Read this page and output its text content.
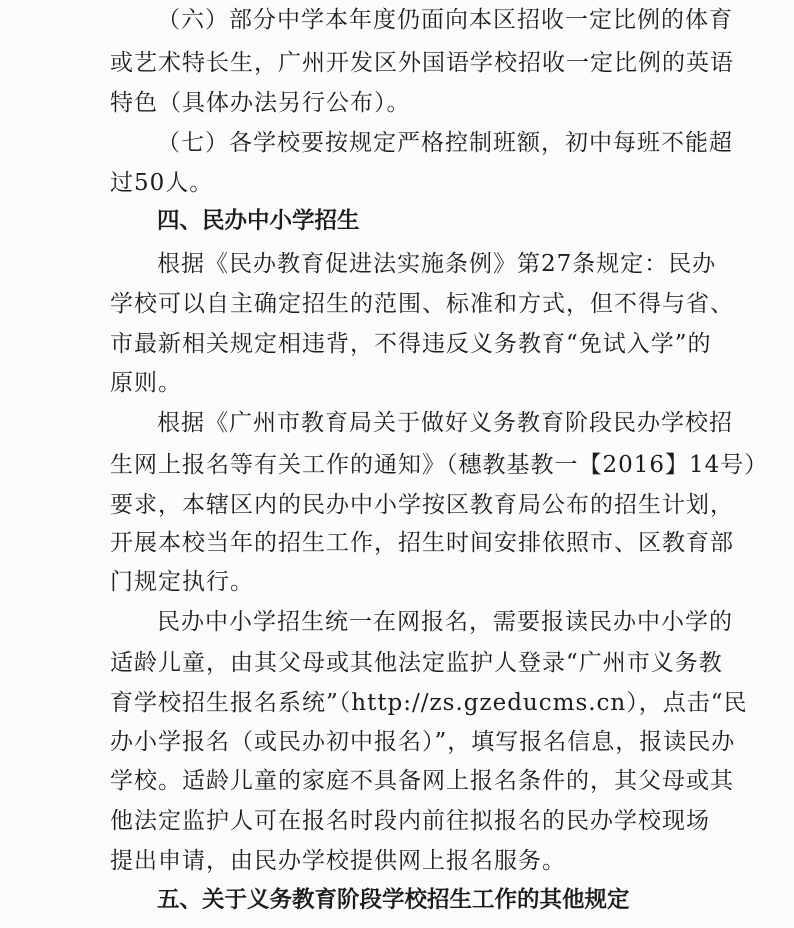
（六）部分中学本年度仍面向本区招收一定比例的体育
或艺术特长生，广州开发区外国语学校招收一定比例的英语
特色（具体办法另行公布）。
（七）各学校要按规定严格控制班额，初中每班不能超
过50人。
四、民办中小学招生
根据《民办教育促进法实施条例》第27条规定：民办
学校可以自主确定招生的范围、标准和方式，但不得与省、
市最新相关规定相违背，不得违反义务教育“免试入学”的
原则。
根据《广州市教育局关于做好义务教育阶段民办学校招
生网上报名等有关工作的通知》（穗教基教一【2016】14号）
要求，本辖区内的民办中小学按区教育局公布的招生计划，
开展本校当年的招生工作，招生时间安排依照市、区教育部
门规定执行。
民办中小学招生统一在网报名，需要报读民办中小学的
适龄儿童，由其父母或其他法定监护人登录“广州市义务教
育学校招生报名系统”（http://zs.gzeducms.cn），点击“民
办小学报名（或民办初中报名）”，填写报名信息，报读民办
学校。适龄儿童的家庭不具备网上报名条件的，其父母或其
他法定监护人可在报名时段内前往拟报名的民办学校现场
提出申请，由民办学校提供网上报名服务。
五、关于义务教育阶段学校招生工作的其他规定
